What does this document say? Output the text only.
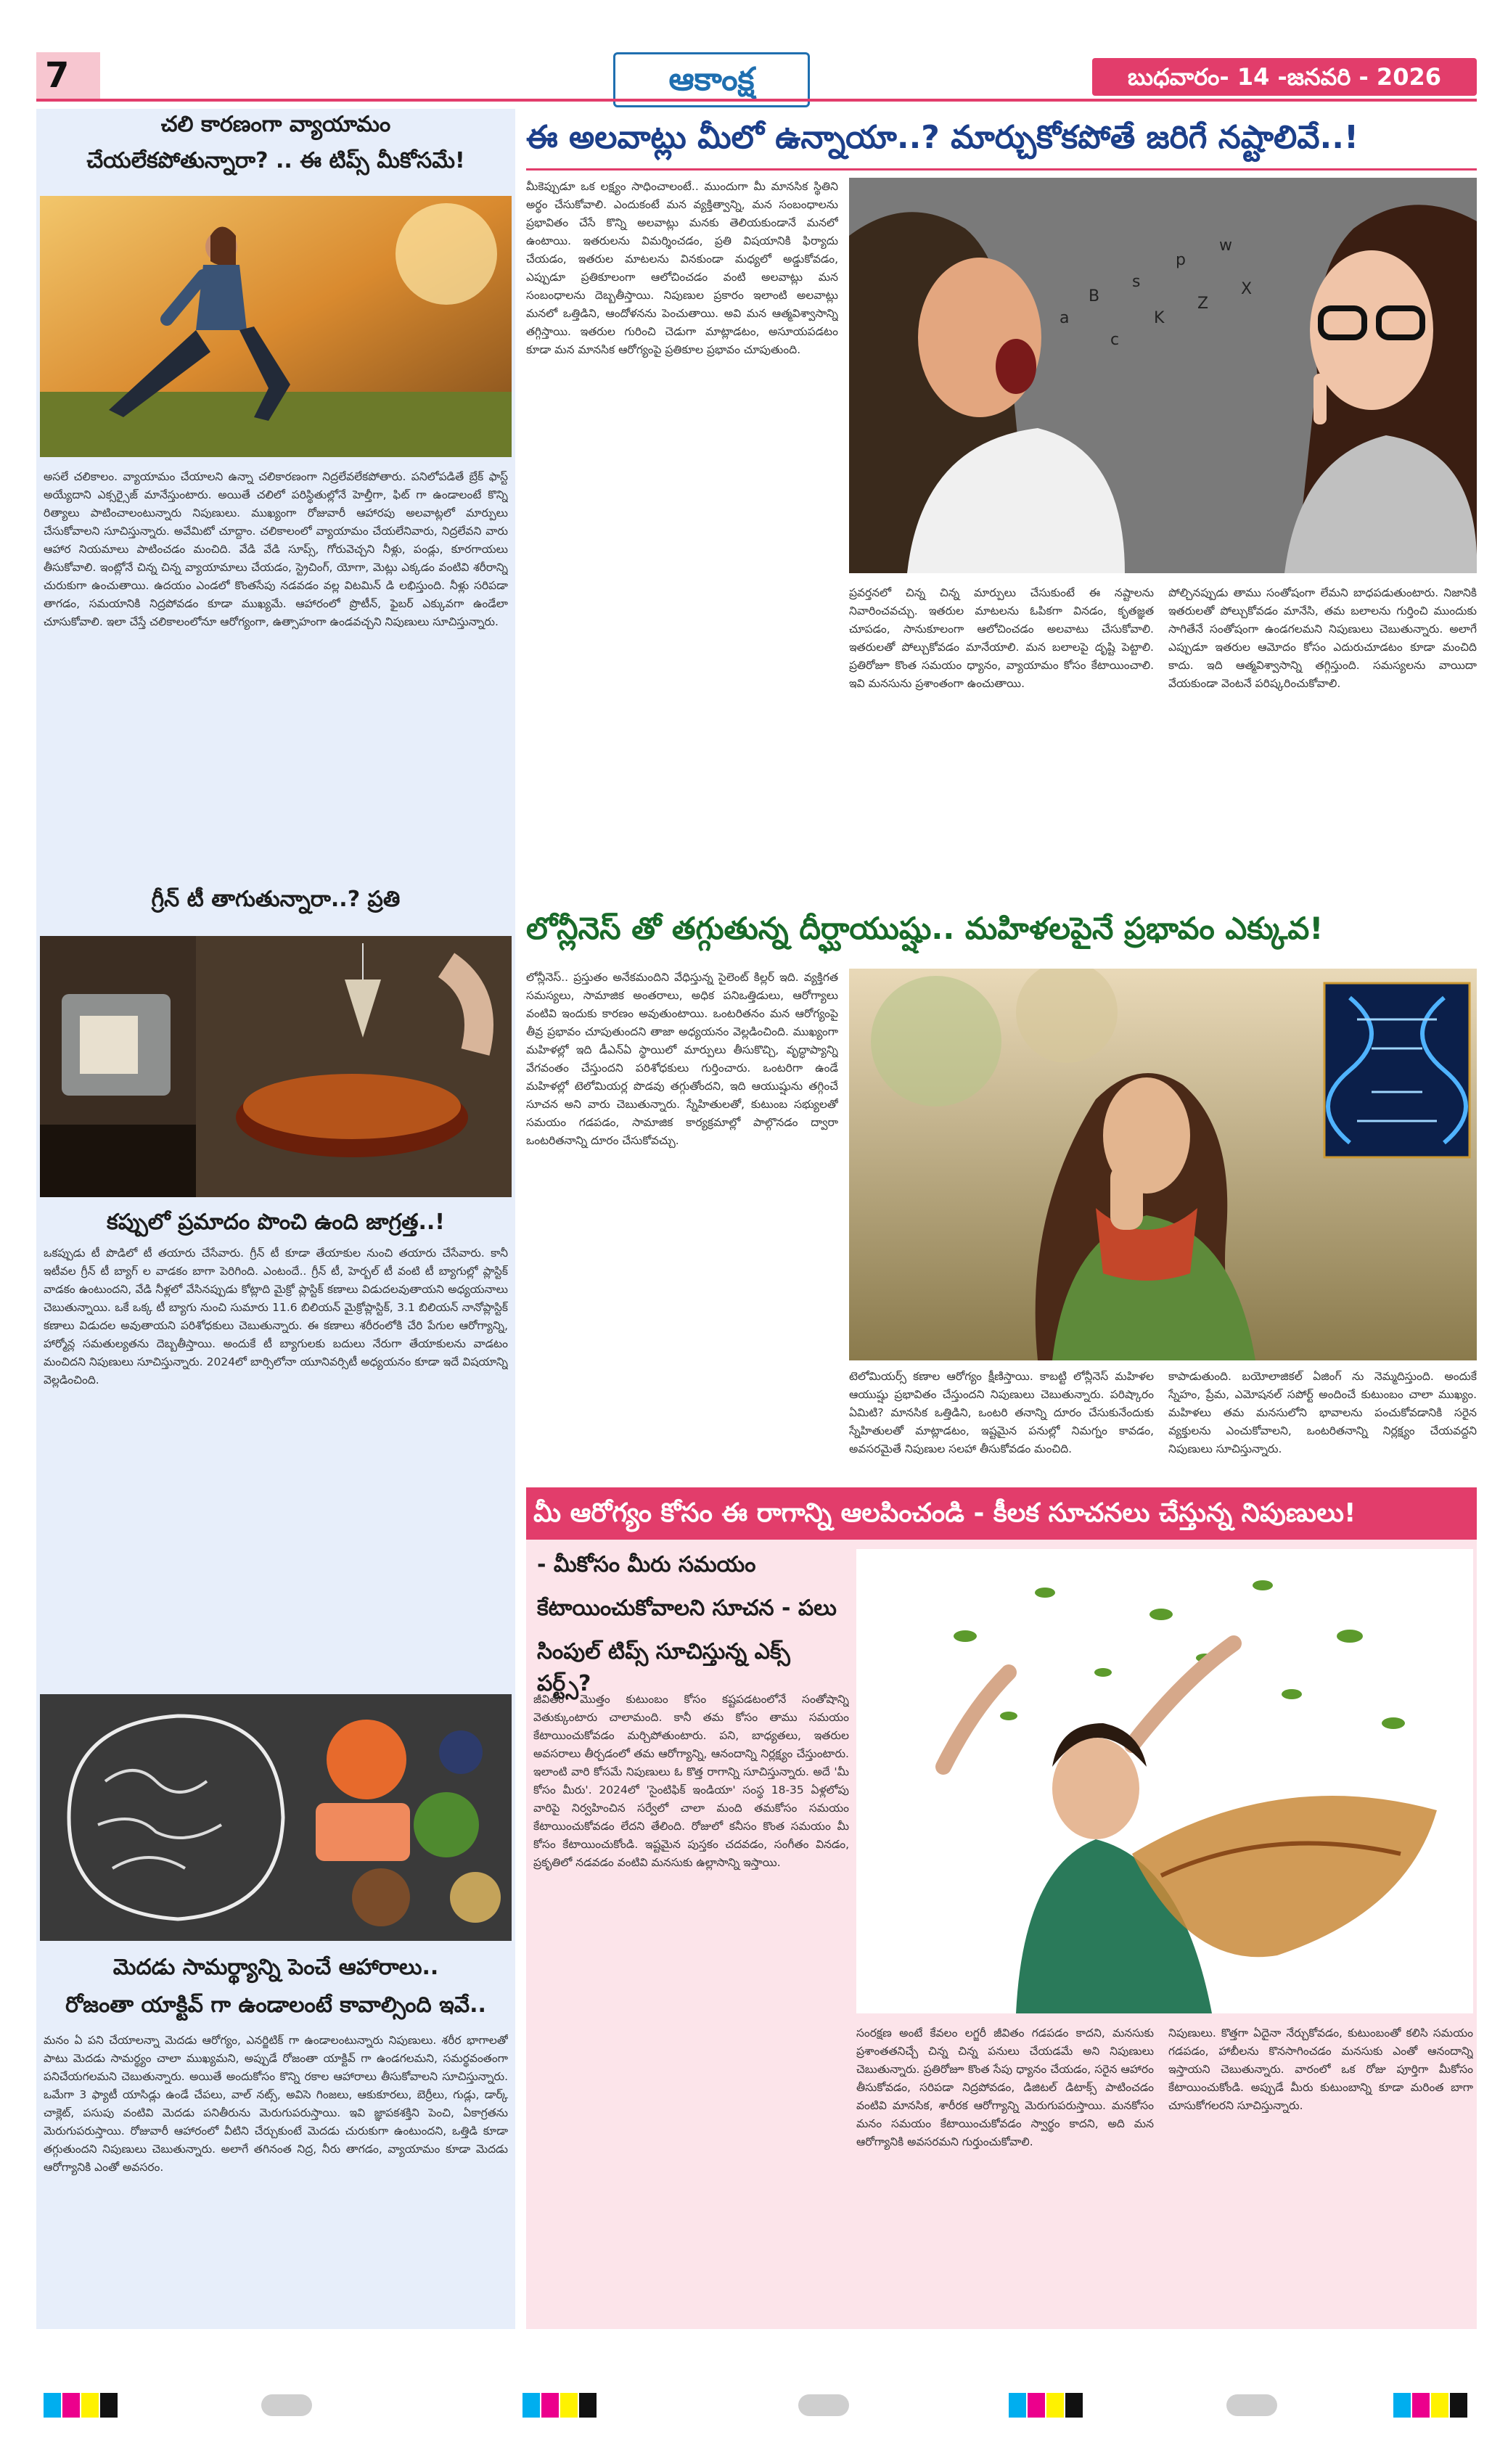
7	ఆకాంక్ష	బుధవారం- 14 -జనవరి - 2026
చలి కారణంగా వ్యాయామం
చేయలేకపోతున్నారా? .. ఈ టిప్స్ మీకోసమే!
అసలే చలికాలం. వ్యాయామం చేయాలని ఉన్నా చలికారణంగా నిద్రలేవలేకపోతారు. పనిలోపడితే బ్రేక్ ఫాస్ట్ అయ్యేదాని ఎక్సర్సైజ్ మానేస్తుంటారు. అయితే చలిలో పరిస్థితుల్లోనే హెల్తీగా, ఫిట్ గా ఉండాలంటే కొన్ని రిత్యాలు పాటించాలంటున్నారు నిపుణులు. ముఖ్యంగా రోజువారీ ఆహారపు అలవాట్లలో మార్పులు చేసుకోవాలని సూచిస్తున్నారు. అవేమిటో చూద్దాం. చలికాలంలో వ్యాయామం చేయలేనివారు, నిద్రలేవని వారు ఆహార నియమాలు పాటించడం మంచిది. వేడి వేడి సూప్స్, గోరువెచ్చని నీళ్లు, పండ్లు, కూరగాయలు తీసుకోవాలి. ఇంట్లోనే చిన్న చిన్న వ్యాయామాలు చేయడం, స్ట్రెచింగ్, యోగా, మెట్లు ఎక్కడం వంటివి శరీరాన్ని చురుకుగా ఉంచుతాయి. ఉదయం ఎండలో కొంతసేపు నడవడం వల్ల విటమిన్ డి లభిస్తుంది. నీళ్లు సరిపడా తాగడం, సమయానికి నిద్రపోవడం కూడా ముఖ్యమే. ఆహారంలో ప్రొటీన్, ఫైబర్ ఎక్కువగా ఉండేలా చూసుకోవాలి. ఇలా చేస్తే చలికాలంలోనూ ఆరోగ్యంగా, ఉత్సాహంగా ఉండవచ్చని నిపుణులు సూచిస్తున్నారు.
గ్రీన్ టీ తాగుతున్నారా..? ప్రతి
కప్పులో ప్రమాదం పొంచి ఉంది జాగ్రత్త..!
ఒకప్పుడు టీ పొడిలో టీ తయారు చేసేవారు. గ్రీన్ టీ కూడా తేయాకుల నుంచి తయారు చేసేవారు. కానీ ఇటీవల గ్రీన్ టీ బ్యాగ్ ల వాడకం బాగా పెరిగింది. ఎంటందే.. గ్రీన్ టీ, హెర్బల్ టీ వంటి టీ బ్యాగుల్లో ప్లాస్టిక్ వాడకం ఉంటుందని, వేడి నీళ్లలో వేసినప్పుడు కోట్లాది మైక్రో ప్లాస్టిక్ కణాలు విడుదలవుతాయని అధ్యయనాలు చెబుతున్నాయి. ఒకే ఒక్క టీ బ్యాగు నుంచి సుమారు 11.6 బిలియన్ మైక్రోప్లాస్టిక్, 3.1 బిలియన్ నానోప్లాస్టిక్ కణాలు విడుదల అవుతాయని పరిశోధకులు చెబుతున్నారు. ఈ కణాలు శరీరంలోకి చేరి పేగుల ఆరోగ్యాన్ని, హార్మోన్ల సమతుల్యతను దెబ్బతీస్తాయి. అందుకే టీ బ్యాగులకు బదులు నేరుగా తేయాకులను వాడటం మంచిదని నిపుణులు సూచిస్తున్నారు. 2024లో బార్సిలోనా యూనివర్సిటీ అధ్యయనం కూడా ఇదే విషయాన్ని వెల్లడించింది.
మెదడు సామర్థ్యాన్ని పెంచే ఆహారాలు..
రోజంతా యాక్టివ్ గా ఉండాలంటే కావాల్సింది ఇవే..
మనం ఏ పని చేయాలన్నా మెదడు ఆరోగ్యం, ఎనర్జిటిక్ గా ఉండాలంటున్నారు నిపుణులు. శరీర భాగాలతో పాటు మెదడు సామర్థ్యం చాలా ముఖ్యమని, అప్పుడే రోజంతా యాక్టివ్ గా ఉండగలమని, సమర్థవంతంగా పనిచేయగలమని చెబుతున్నారు. అయితే అందుకోసం కొన్ని రకాల ఆహారాలు తీసుకోవాలని సూచిస్తున్నారు. ఒమేగా 3 ఫ్యాటీ యాసిడ్లు ఉండే చేపలు, వాల్ నట్స్, అవిసె గింజలు, ఆకుకూరలు, బెర్రీలు, గుడ్లు, డార్క్ చాక్లెట్, పసుపు వంటివి మెదడు పనితీరును మెరుగుపరుస్తాయి. ఇవి జ్ఞాపకశక్తిని పెంచి, ఏకాగ్రతను మెరుగుపరుస్తాయి. రోజువారీ ఆహారంలో వీటిని చేర్చుకుంటే మెదడు చురుకుగా ఉంటుందని, ఒత్తిడి కూడా తగ్గుతుందని నిపుణులు చెబుతున్నారు. అలాగే తగినంత నిద్ర, నీరు తాగడం, వ్యాయామం కూడా మెదడు ఆరోగ్యానికి ఎంతో అవసరం.
ఈ అలవాట్లు మీలో ఉన్నాయా..? మార్చుకోకపోతే జరిగే నష్టాలివే..!
మీకెప్పుడూ ఒక లక్ష్యం సాధించాలంటే.. ముందుగా మీ మానసిక స్థితిని అర్థం చేసుకోవాలి. ఎందుకంటే మన వ్యక్తిత్వాన్ని, మన సంబంధాలను ప్రభావితం చేసే కొన్ని అలవాట్లు మనకు తెలియకుండానే మనలో ఉంటాయి. ఇతరులను విమర్శించడం, ప్రతి విషయానికి ఫిర్యాదు చేయడం, ఇతరుల మాటలను వినకుండా మధ్యలో అడ్డుకోవడం, ఎప్పుడూ ప్రతికూలంగా ఆలోచించడం వంటి అలవాట్లు మన సంబంధాలను దెబ్బతీస్తాయి. నిపుణుల ప్రకారం ఇలాంటి అలవాట్లు మనలో ఒత్తిడిని, ఆందోళనను పెంచుతాయి. అవి మన ఆత్మవిశ్వాసాన్ని తగ్గిస్తాయి. ఇతరుల గురించి చెడుగా మాట్లాడటం, అసూయపడటం కూడా మన మానసిక ఆరోగ్యంపై ప్రతికూల ప్రభావం చూపుతుంది.
a
B
c
s
K
p
Z
w
X
ప్రవర్తనలో చిన్న చిన్న మార్పులు చేసుకుంటే ఈ నష్టాలను నివారించవచ్చు. ఇతరుల మాటలను ఓపికగా వినడం, కృతజ్ఞత చూపడం, సానుకూలంగా ఆలోచించడం అలవాటు చేసుకోవాలి. ఇతరులతో పోల్చుకోవడం మానేయాలి. మన బలాలపై దృష్టి పెట్టాలి. ప్రతిరోజూ కొంత సమయం ధ్యానం, వ్యాయామం కోసం కేటాయించాలి. ఇవి మనసును ప్రశాంతంగా ఉంచుతాయి.
పోల్చినప్పుడు తాము సంతోషంగా లేమని బాధపడుతుంటారు. నిజానికి ఇతరులతో పోల్చుకోవడం మానేసి, తమ బలాలను గుర్తించి ముందుకు సాగితేనే సంతోషంగా ఉండగలమని నిపుణులు చెబుతున్నారు. అలాగే ఎప్పుడూ ఇతరుల ఆమోదం కోసం ఎదురుచూడటం కూడా మంచిది కాదు. ఇది ఆత్మవిశ్వాసాన్ని తగ్గిస్తుంది. సమస్యలను వాయిదా వేయకుండా వెంటనే పరిష్కరించుకోవాలి.
లోన్లీనెస్ తో తగ్గుతున్న దీర్ఘాయుష్షు.. మహిళలపైనే ప్రభావం ఎక్కువ!
లోన్లీనెస్.. ప్రస్తుతం అనేకమందిని వేధిస్తున్న సైలెంట్ కిల్లర్ ఇది. వ్యక్తిగత సమస్యలు, సామాజిక అంతరాలు, అధిక పనిఒత్తిడులు, ఆరోగ్యాలు వంటివి ఇందుకు కారణం అవుతుంటాయి. ఒంటరితనం మన ఆరోగ్యంపై తీవ్ర ప్రభావం చూపుతుందని తాజా అధ్యయనం వెల్లడించింది. ముఖ్యంగా మహిళల్లో ఇది డీఎన్ఏ స్థాయిలో మార్పులు తీసుకొచ్చి, వృద్ధాప్యాన్ని వేగవంతం చేస్తుందని పరిశోధకులు గుర్తించారు. ఒంటరిగా ఉండే మహిళల్లో టెలోమియర్ల పొడవు తగ్గుతోందని, ఇది ఆయుష్షును తగ్గించే సూచన అని వారు చెబుతున్నారు. స్నేహితులతో, కుటుంబ సభ్యులతో సమయం గడపడం, సామాజిక కార్యక్రమాల్లో పాల్గొనడం ద్వారా ఒంటరితనాన్ని దూరం చేసుకోవచ్చు.
టెలోమియర్స్ కణాల ఆరోగ్యం క్షీణిస్తాయి. కాబట్టి లోన్లీనెస్ మహిళల ఆయుష్షు ప్రభావితం చేస్తుందని నిపుణులు చెబుతున్నారు. పరిష్కారం ఏమిటి? మానసిక ఒత్తిడిని, ఒంటరి తనాన్ని దూరం చేసుకునేందుకు స్నేహితులతో మాట్లాడటం, ఇష్టమైన పనుల్లో నిమగ్నం కావడం, అవసరమైతే నిపుణుల సలహా తీసుకోవడం మంచిది.
కాపాడుతుంది. బయోలాజికల్ ఏజింగ్ ను నెమ్మదిస్తుంది. అందుకే స్నేహం, ప్రేమ, ఎమోషనల్ సపోర్ట్ అందించే కుటుంబం చాలా ముఖ్యం. మహిళలు తమ మనసులోని భావాలను పంచుకోవడానికి సరైన వ్యక్తులను ఎంచుకోవాలని, ఒంటరితనాన్ని నిర్లక్ష్యం చేయవద్దని నిపుణులు సూచిస్తున్నారు.
మీ ఆరోగ్యం కోసం ఈ రాగాన్ని ఆలపించండి - కీలక సూచనలు చేస్తున్న నిపుణులు!
- మీకోసం మీరు సమయం
కేటాయించుకోవాలని సూచన - పలు
సింపుల్ టిప్స్ సూచిస్తున్న ఎక్స్ పర్ట్స్?
జీవితం మొత్తం కుటుంబం కోసం కష్టపడటంలోనే సంతోషాన్ని వెతుక్కుంటారు చాలామంది. కానీ తమ కోసం తాము సమయం కేటాయించుకోవడం మర్చిపోతుంటారు. పని, బాధ్యతలు, ఇతరుల అవసరాలు తీర్చడంలో తమ ఆరోగ్యాన్ని, ఆనందాన్ని నిర్లక్ష్యం చేస్తుంటారు. ఇలాంటి వారి కోసమే నిపుణులు ఓ కొత్త రాగాన్ని సూచిస్తున్నారు. అదే 'మీ కోసం మీరు'. 2024లో 'సైంటిఫిక్ ఇండియా' సంస్థ 18-35 ఏళ్లలోపు వారిపై నిర్వహించిన సర్వేలో చాలా మంది తమకోసం సమయం కేటాయించుకోవడం లేదని తేలింది. రోజులో కనీసం కొంత సమయం మీ కోసం కేటాయించుకోండి. ఇష్టమైన పుస్తకం చదవడం, సంగీతం వినడం, ప్రకృతిలో నడవడం వంటివి మనసుకు ఉల్లాసాన్ని ఇస్తాయి.
సంరక్షణ అంటే కేవలం లగ్జరీ జీవితం గడపడం కాదని, మనసుకు ప్రశాంతతనిచ్చే చిన్న చిన్న పనులు చేయడమే అని నిపుణులు చెబుతున్నారు. ప్రతిరోజూ కొంత సేపు ధ్యానం చేయడం, సరైన ఆహారం తీసుకోవడం, సరిపడా నిద్రపోవడం, డిజిటల్ డిటాక్స్ పాటించడం వంటివి మానసిక, శారీరక ఆరోగ్యాన్ని మెరుగుపరుస్తాయి. మనకోసం మనం సమయం కేటాయించుకోవడం స్వార్థం కాదని, అది మన ఆరోగ్యానికి అవసరమని గుర్తుంచుకోవాలి.
నిపుణులు. కొత్తగా ఏదైనా నేర్చుకోవడం, కుటుంబంతో కలిసి సమయం గడపడం, హాబీలను కొనసాగించడం మనసుకు ఎంతో ఆనందాన్ని ఇస్తాయని చెబుతున్నారు. వారంలో ఒక రోజు పూర్తిగా మీకోసం కేటాయించుకోండి. అప్పుడే మీరు కుటుంబాన్ని కూడా మరింత బాగా చూసుకోగలరని సూచిస్తున్నారు.
